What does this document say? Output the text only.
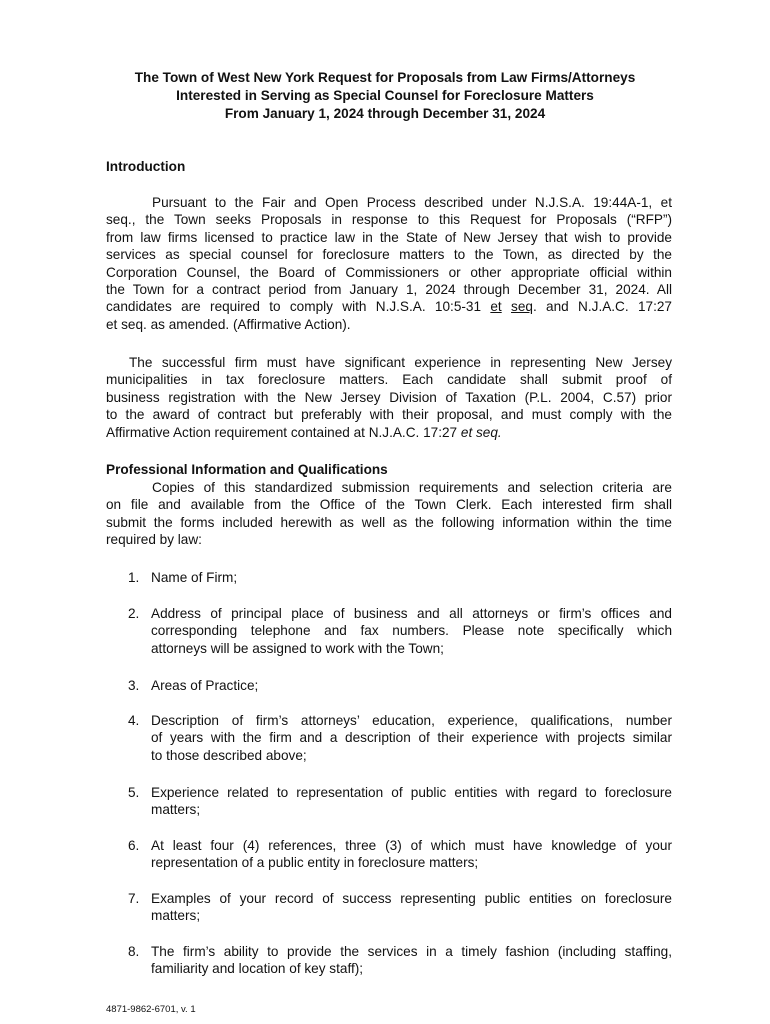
The Town of West New York Request for Proposals from Law Firms/Attorneys
Interested in Serving as Special Counsel for Foreclosure Matters
From January 1, 2024 through December 31, 2024
Introduction
Pursuant to the Fair and Open Process described under N.J.S.A. 19:44A-1, et
seq., the Town seeks Proposals in response to this Request for Proposals (“RFP”)
from law firms licensed to practice law in the State of New Jersey that wish to provide
services as special counsel for foreclosure matters to the Town, as directed by the
Corporation Counsel, the Board of Commissioners or other appropriate official within
the Town for a contract period from January 1, 2024 through December 31, 2024. All
candidates are required to comply with N.J.S.A. 10:5-31 et seq. and N.J.A.C. 17:27
et seq. as amended. (Affirmative Action).
The successful firm must have significant experience in representing New Jersey
municipalities in tax foreclosure matters. Each candidate shall submit proof of
business registration with the New Jersey Division of Taxation (P.L. 2004, C.57) prior
to the award of contract but preferably with their proposal, and must comply with the
Affirmative Action requirement contained at N.J.A.C. 17:27 et seq.
Professional Information and Qualifications
Copies of this standardized submission requirements and selection criteria are
on file and available from the Office of the Town Clerk. Each interested firm shall
submit the forms included herewith as well as the following information within the time
required by law:
1. Name of Firm;
2. Address of principal place of business and all attorneys or firm’s offices and
corresponding telephone and fax numbers. Please note specifically which
attorneys will be assigned to work with the Town;
3. Areas of Practice;
4. Description of firm’s attorneys’ education, experience, qualifications, number
of years with the firm and a description of their experience with projects similar
to those described above;
5. Experience related to representation of public entities with regard to foreclosure
matters;
6. At least four (4) references, three (3) of which must have knowledge of your
representation of a public entity in foreclosure matters;
7. Examples of your record of success representing public entities on foreclosure
matters;
8. The firm’s ability to provide the services in a timely fashion (including staffing,
familiarity and location of key staff);
4871-9862-6701, v. 1
